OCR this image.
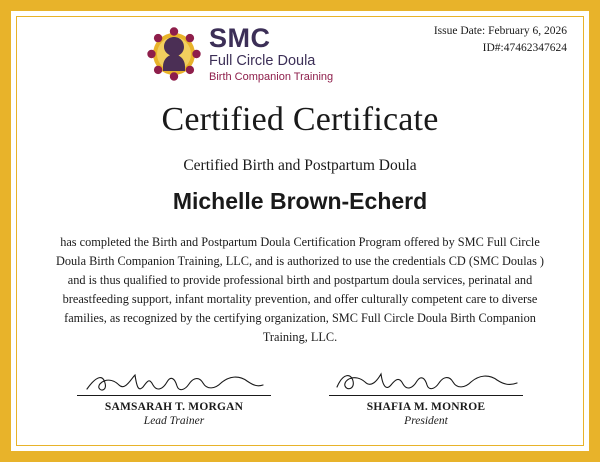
SMC
Full Circle Doula
Birth Companion Training
Issue Date: February 6, 2026
ID#:47462347624
Certified Certificate
Certified Birth and Postpartum Doula
Michelle Brown-Echerd
has completed the Birth and Postpartum Doula Certification Program offered by SMC Full Circle Doula Birth Companion Training, LLC, and is authorized to use the credentials CD (SMC Doulas ) and is thus qualified to provide professional birth and postpartum doula services, perinatal and breastfeeding support, infant mortality prevention, and offer culturally competent care to diverse families, as recognized by the certifying organization, SMC Full Circle Doula Birth Companion Training, LLC.
SAMSARAH T. MORGAN
Lead Trainer
SHAFIA M. MONROE
President
This certificate is valid for 2 years from the date issued.
